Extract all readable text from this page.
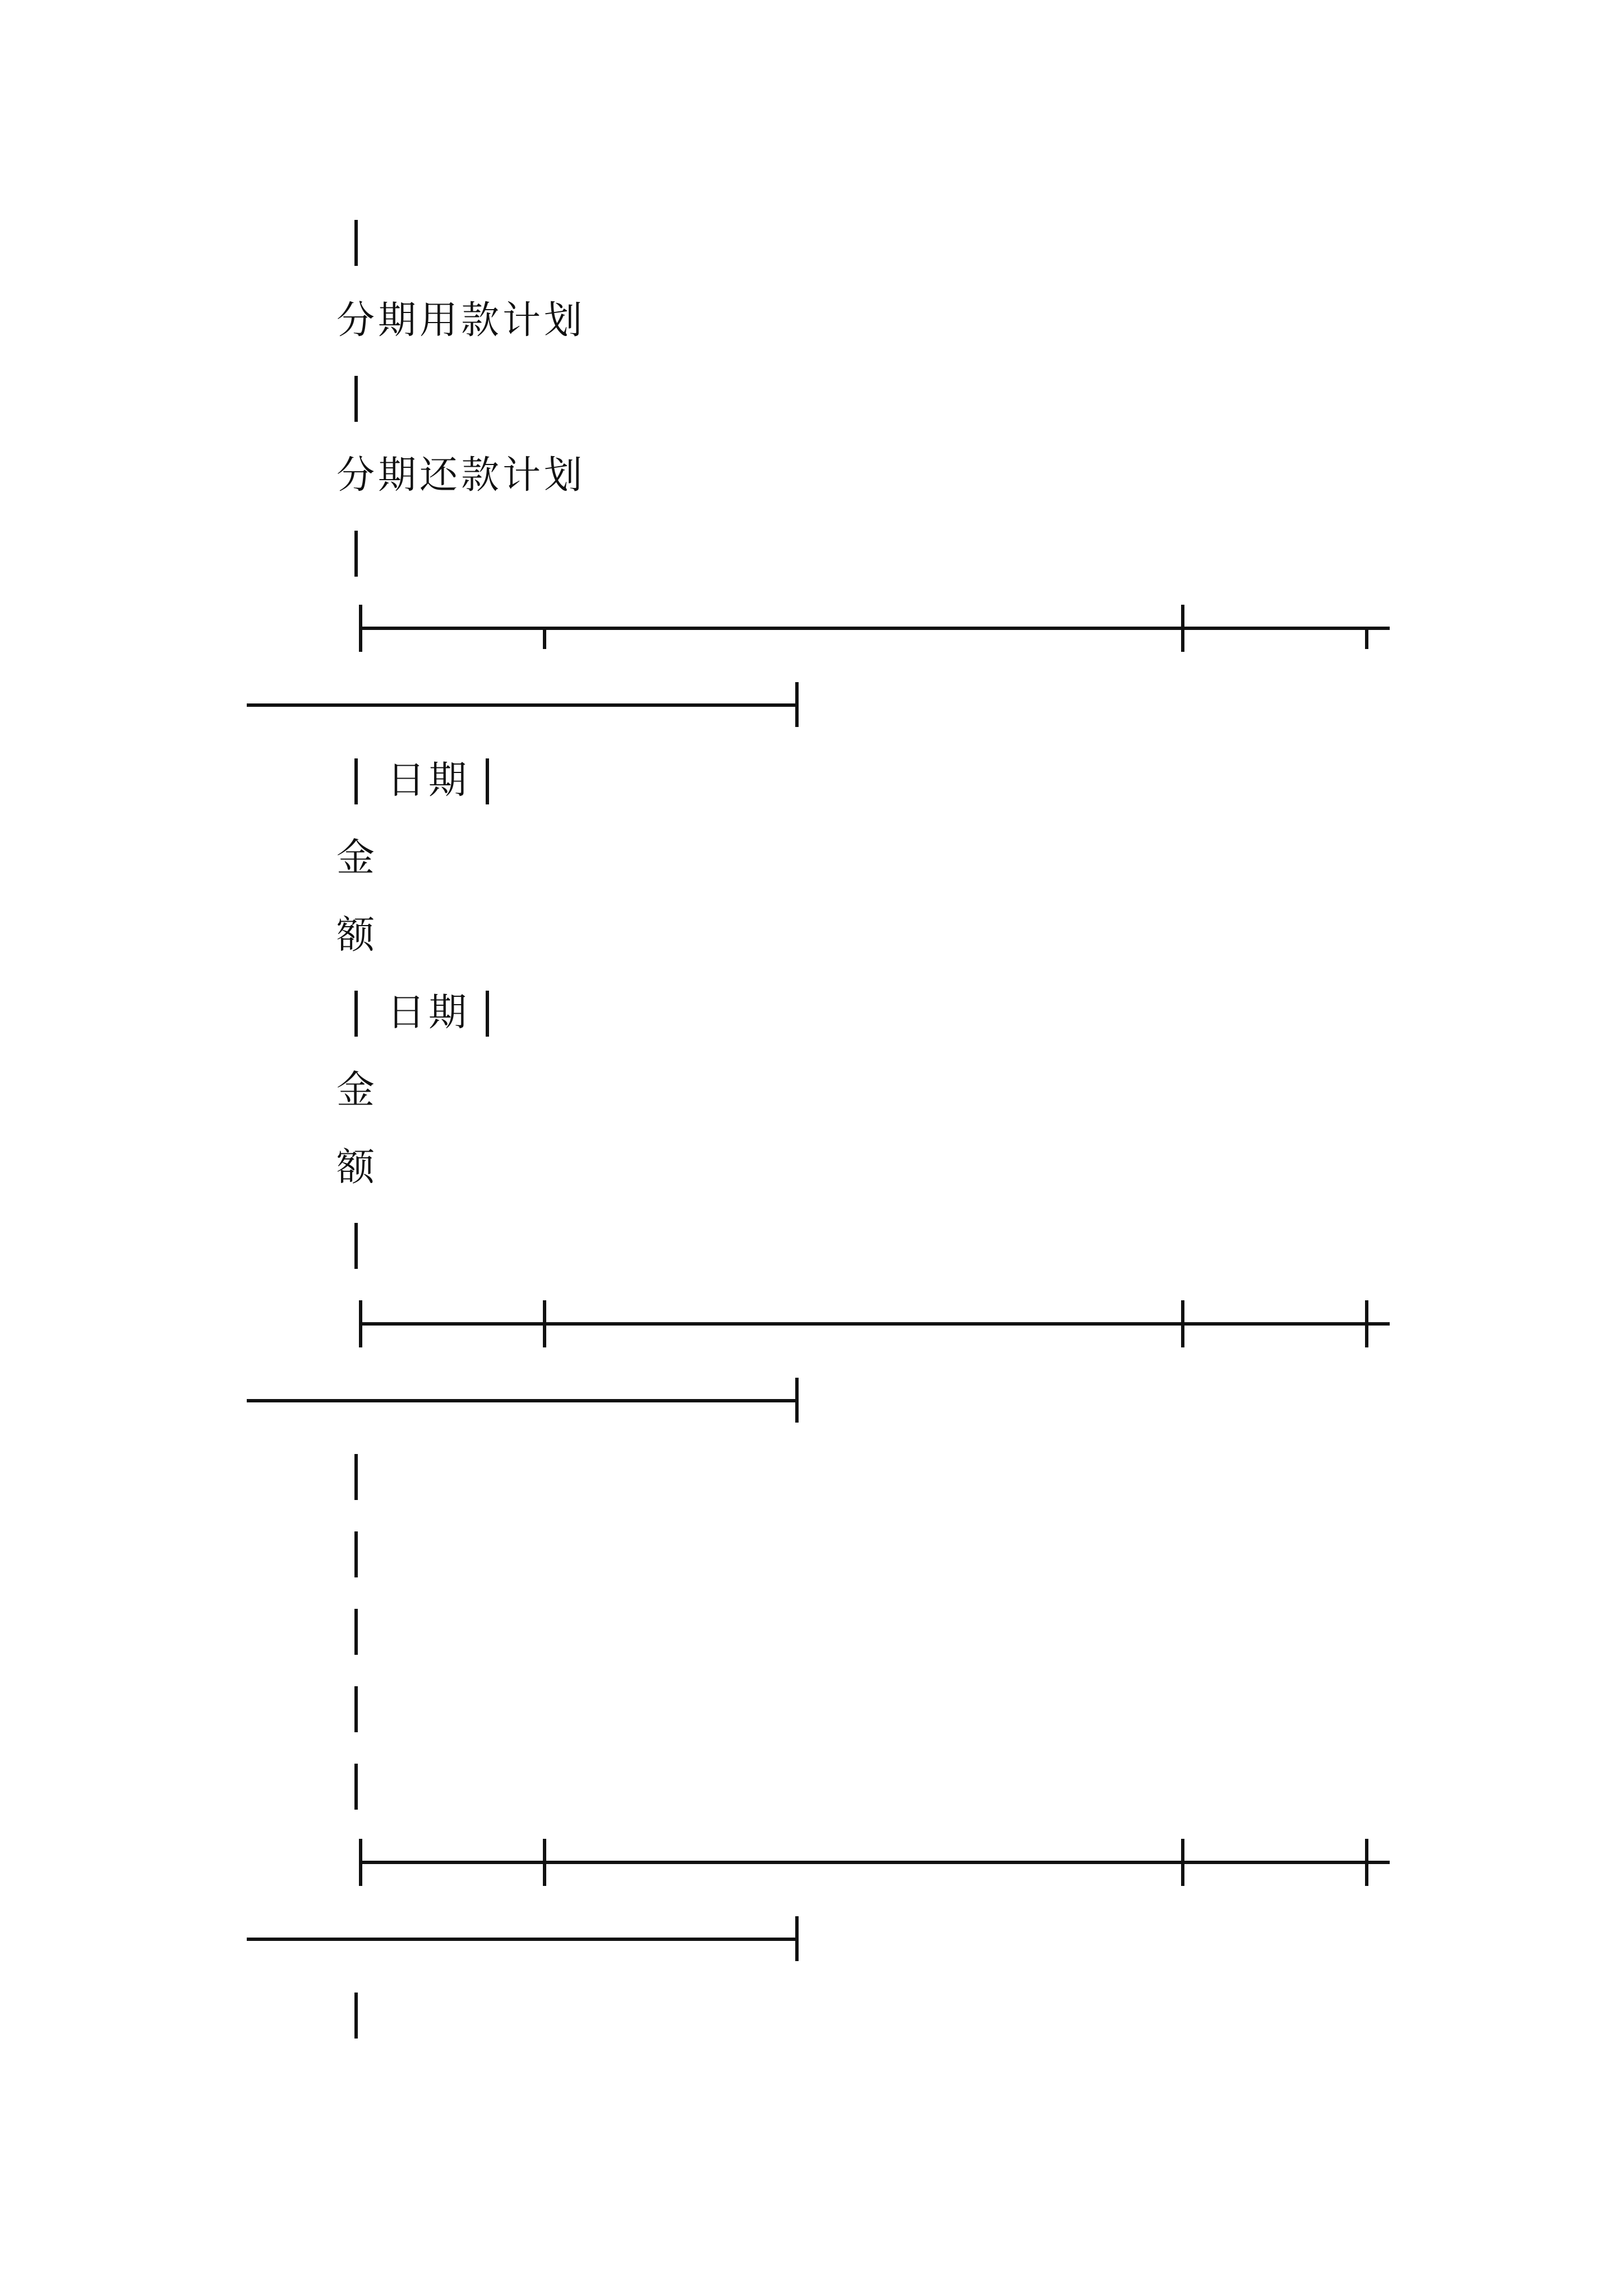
分期用款计划
分期还款计划
日期
金
额
日期
金
额
